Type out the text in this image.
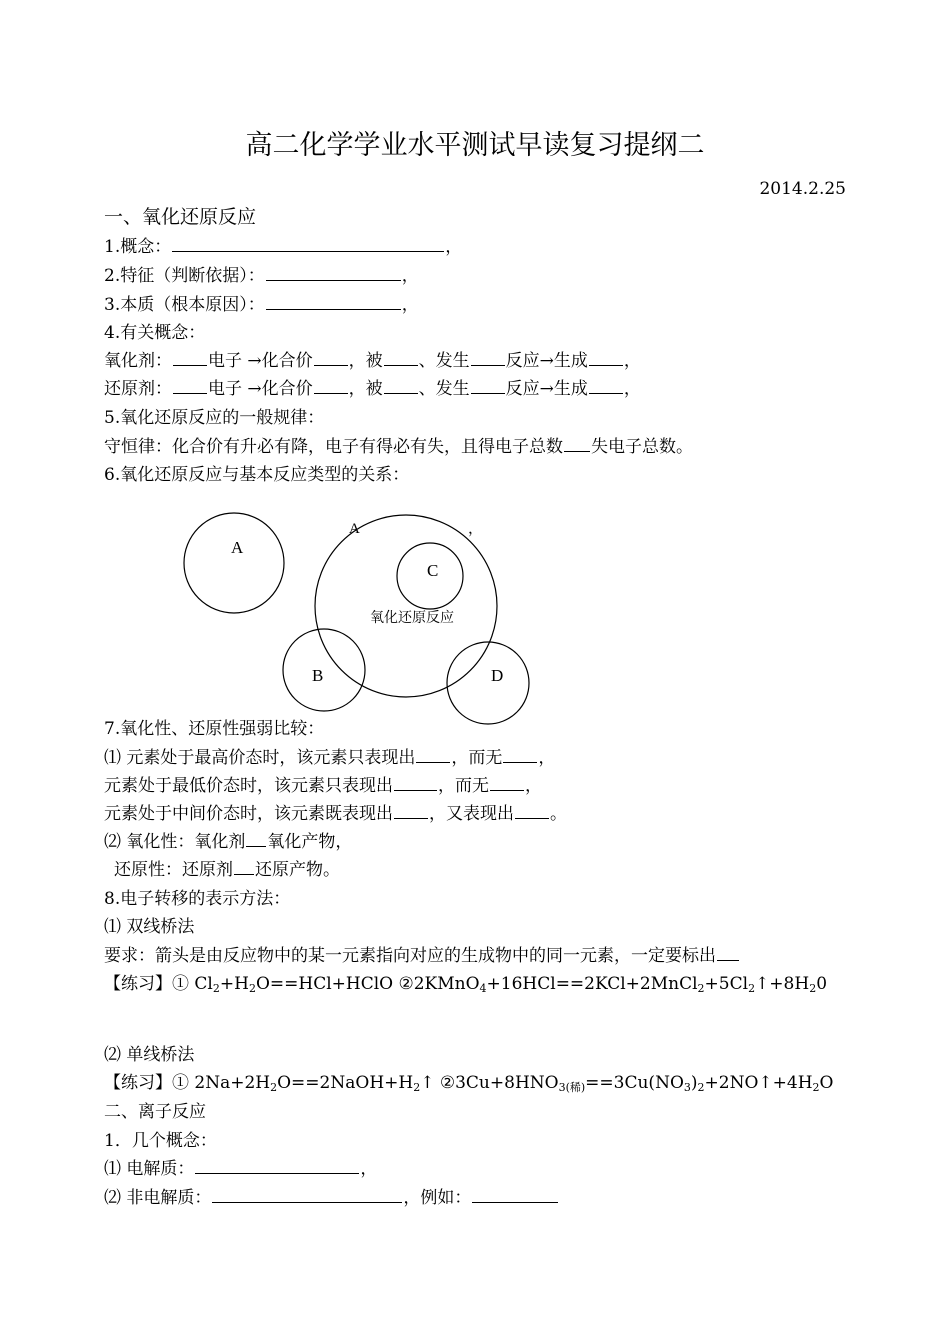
高二化学学业水平测试早读复习提纲二
2014.2.25
一、氧化还原反应
1.概念：	，
2.特征（判断依据）：	，
3.本质（根本原因）：	，
4.有关概念：
氧化剂： 电子 →化合价 ，被 、发生 反应→生成 ，
还原剂： 电子 →化合价 ，被 、发生 反应→生成 ，
5.氧化还原反应的一般规律：
守恒律：化合价有升必有降，电子有得必有失，且得电子总数 失电子总数。
6.氧化还原反应与基本反应类型的关系：
A	，
A
C
B	D
氧化还原反应
7.氧化性、还原性强弱比较：
⑴ 元素处于最高价态时，该元素只表现出 ，而无 ，
元素处于最低价态时，该元素只表现出	，而无 ，
元素处于中间价态时，该元素既表现出 ，又表现出 。
⑵ 氧化性：氧化剂 氧化产物，
还原性：还原剂 还原产物。
8.电子转移的表示方法：
⑴ 双线桥法
要求：箭头是由反应物中的某一元素指向对应的生成物中的同一元素，一定要标出
【练习】① $Cl_2+H_2O==HCl+HClO$ $②2KMnO_4+16HCl==2KCl+2MnCl_2+5Cl_2↑+8H_20$
⑵ 单线桥法
【练习】① $2Na+2H_2O==2NaOH+H_2↑$ $②3Cu+8HNO_{3(稀)}==3Cu(NO_3)_2+2NO↑+4H_2O$
二、离子反应
1．几个概念：
⑴ 电解质：	，
⑵ 非电解质：	，例如：
